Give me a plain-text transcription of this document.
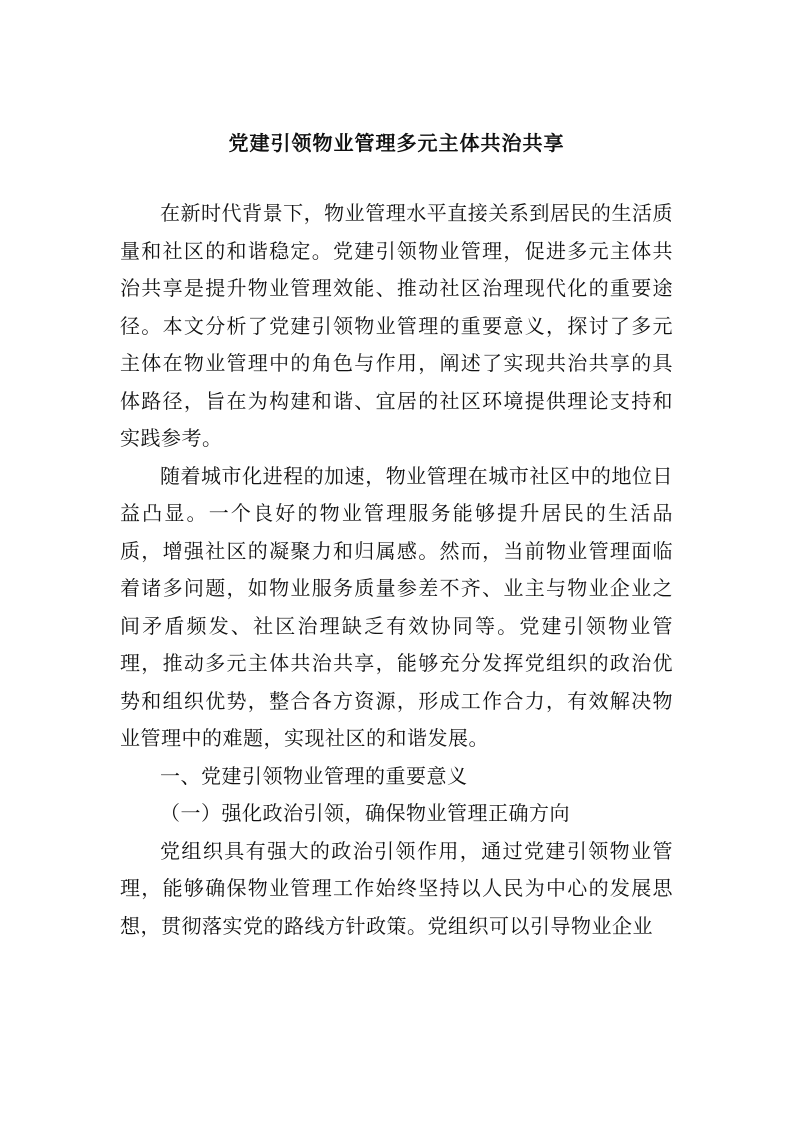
党建引领物业管理多元主体共治共享

在新时代背景下，物业管理水平直接关系到居民的生活质量和社区的和谐稳定。党建引领物业管理，促进多元主体共治共享是提升物业管理效能、推动社区治理现代化的重要途径。本文分析了党建引领物业管理的重要意义，探讨了多元主体在物业管理中的角色与作用，阐述了实现共治共享的具体路径，旨在为构建和谐、宜居的社区环境提供理论支持和实践参考。

随着城市化进程的加速，物业管理在城市社区中的地位日益凸显。一个良好的物业管理服务能够提升居民的生活品质，增强社区的凝聚力和归属感。然而，当前物业管理面临着诸多问题，如物业服务质量参差不齐、业主与物业企业之间矛盾频发、社区治理缺乏有效协同等。党建引领物业管理，推动多元主体共治共享，能够充分发挥党组织的政治优势和组织优势，整合各方资源，形成工作合力，有效解决物业管理中的难题，实现社区的和谐发展。

一、党建引领物业管理的重要意义

（一）强化政治引领，确保物业管理正确方向

党组织具有强大的政治引领作用，通过党建引领物业管理，能够确保物业管理工作始终坚持以人民为中心的发展思想，贯彻落实党的路线方针政策。党组织可以引导物业企业
